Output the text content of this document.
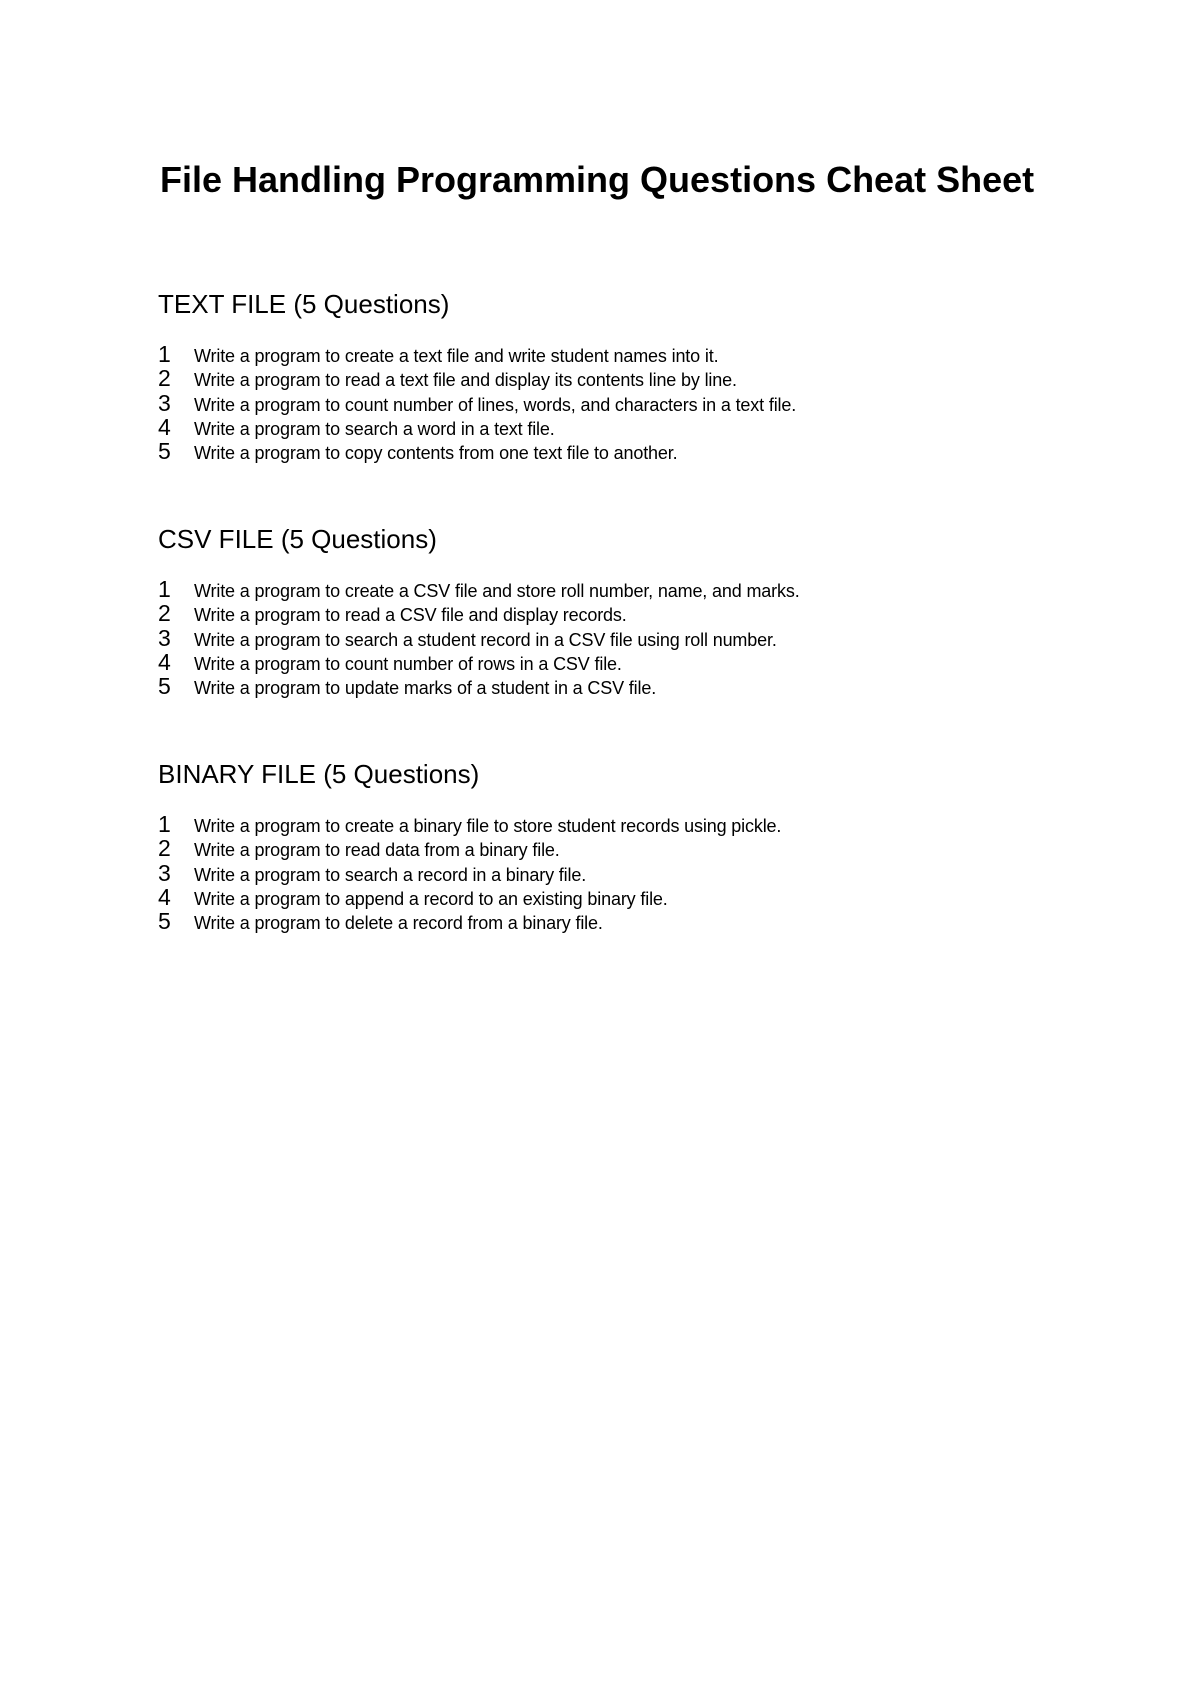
File Handling Programming Questions Cheat Sheet
TEXT FILE (5 Questions)
1	Write a program to create a text file and write student names into it.
2	Write a program to read a text file and display its contents line by line.
3	Write a program to count number of lines, words, and characters in a text file.
4	Write a program to search a word in a text file.
5	Write a program to copy contents from one text file to another.
CSV FILE (5 Questions)
1	Write a program to create a CSV file and store roll number, name, and marks.
2	Write a program to read a CSV file and display records.
3	Write a program to search a student record in a CSV file using roll number.
4	Write a program to count number of rows in a CSV file.
5	Write a program to update marks of a student in a CSV file.
BINARY FILE (5 Questions)
1	Write a program to create a binary file to store student records using pickle.
2	Write a program to read data from a binary file.
3	Write a program to search a record in a binary file.
4	Write a program to append a record to an existing binary file.
5	Write a program to delete a record from a binary file.
